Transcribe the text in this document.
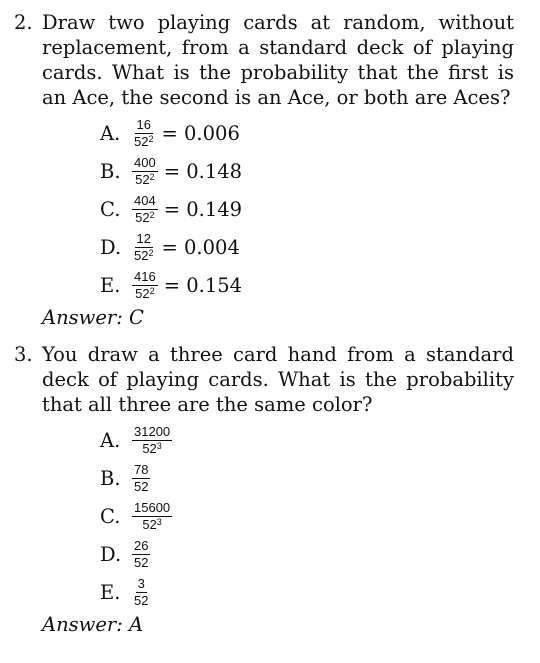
2. Draw two playing cards at random, without replacement, from a standard deck of playing cards. What is the probability that the first is an Ace, the second is an Ace, or both are Aces?
A. $\frac{16}{52^2} = 0.006$
B. $\frac{400}{52^2} = 0.148$
C. $\frac{404}{52^2} = 0.149$
D. $\frac{12}{52^2} = 0.004$
E. $\frac{416}{52^2} = 0.154$
Answer: C
3. You draw a three card hand from a standard deck of playing cards. What is the probability that all three are the same color?
A. $\frac{31200}{52^3}$
B. $\frac{78}{52}$
C. $\frac{15600}{52^3}$
D. $\frac{26}{52}$
E. $\frac{3}{52}$
Answer: A
